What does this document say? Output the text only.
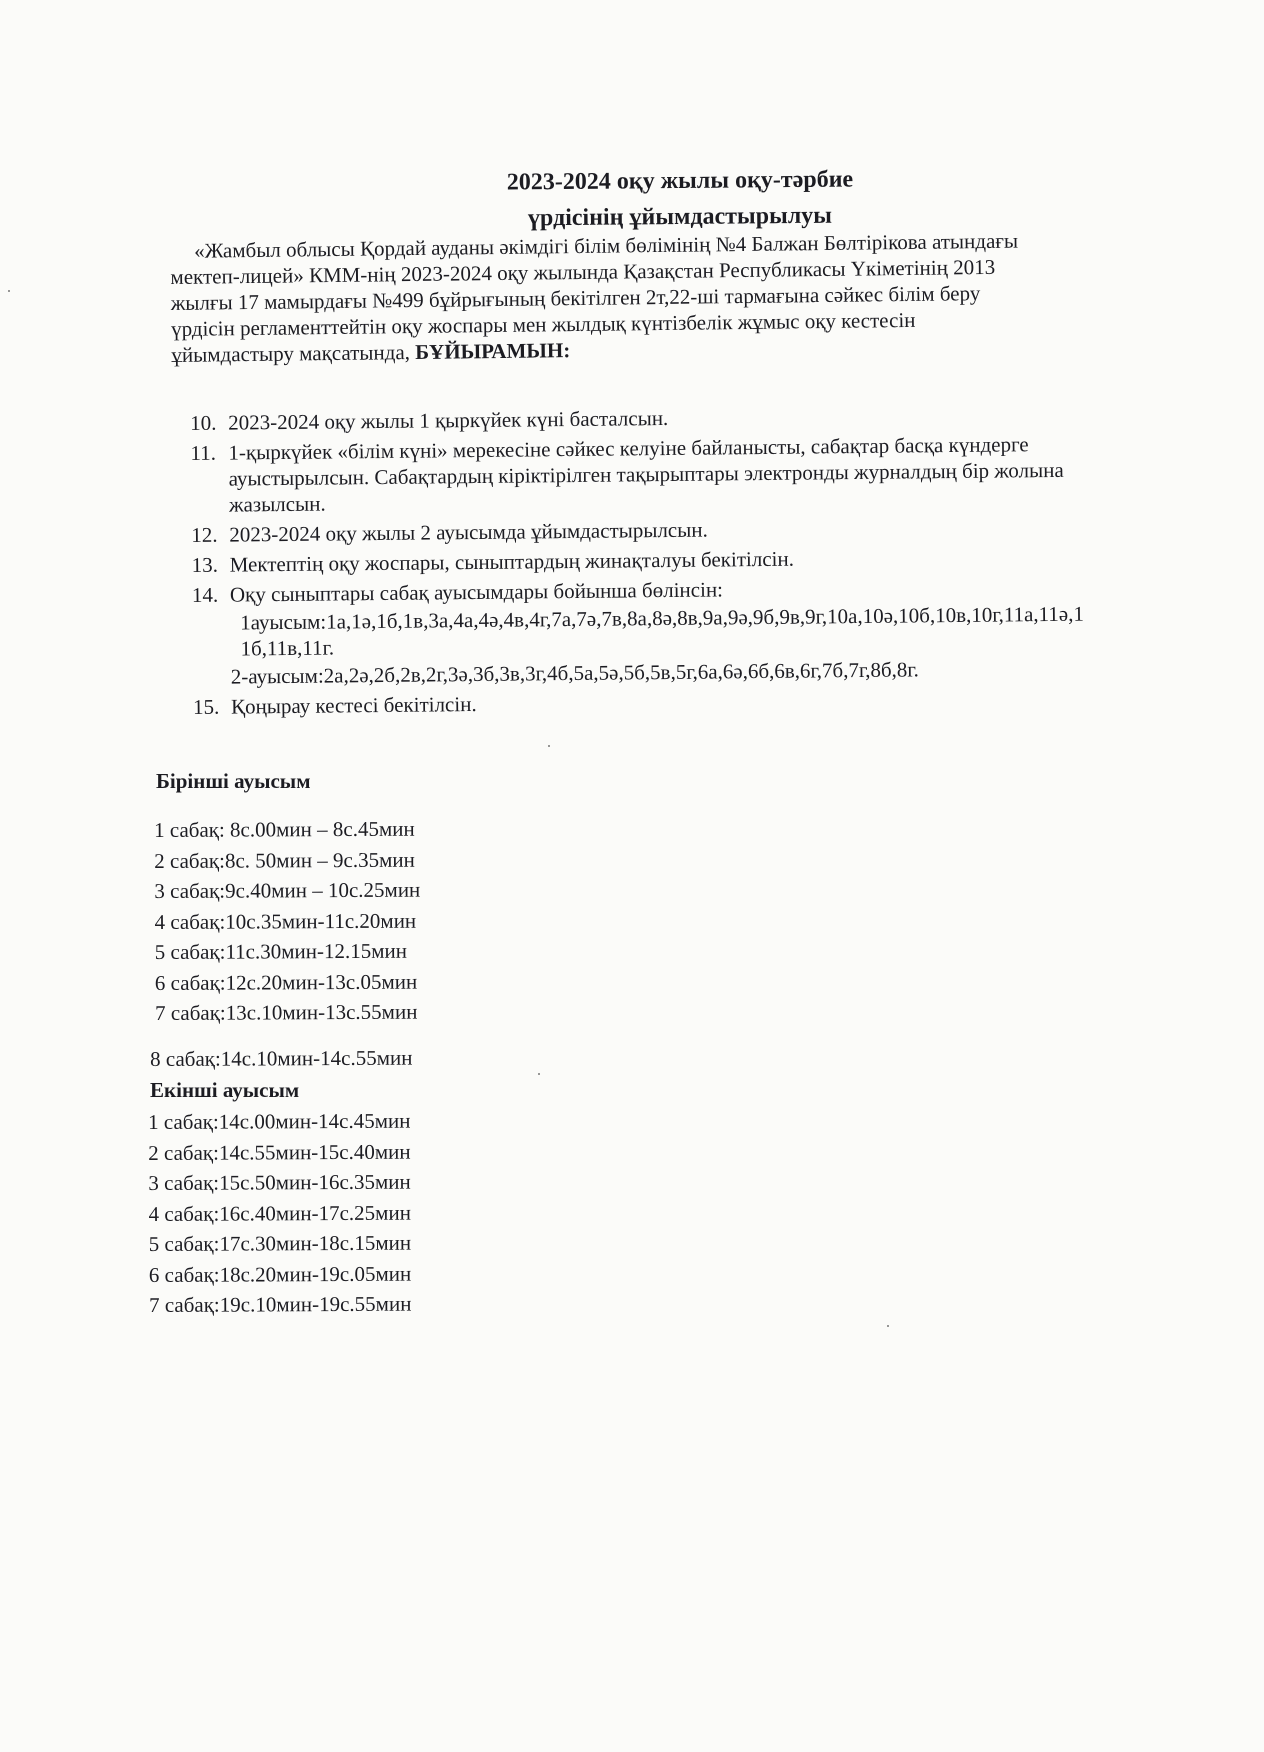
2023-2024 оқу жылы оқу-тәрбие
үрдісінің ұйымдастырылуы

«Жамбыл облысы Қордай ауданы әкімдігі білім бөлімінің №4 Балжан Бөлтірікова атындағы

мектеп-лицей» КММ-нің 2023-2024 оқу жылында Қазақстан Республикасы Үкіметінің 2013

жылғы 17 мамырдағы №499 бұйрығының бекітілген 2т,22-ші тармағына сәйкес білім беру

үрдісін регламенттейтін оқу жоспары мен жылдық күнтізбелік жұмыс оқу кестесін

ұйымдастыру мақсатында, БҰЙЫРАМЫН:

10. 2023-2024 оқу жылы 1 қыркүйек күні басталсын.
11. 1-қыркүйек «білім күні» мерекесіне сәйкес келуіне байланысты, сабақтар басқа күндерге ауыстырылсын. Сабақтардың кіріктірілген тақырыптары электронды журналдың бір жолына жазылсын.
12. 2023-2024 оқу жылы 2 ауысымда ұйымдастырылсын.
13. Мектептің оқу жоспары, сыныптардың жинақталуы бекітілсін.
14. Оқу сыныптары сабақ ауысымдары бойынша бөлінсін:
1ауысым:1а,1ә,1б,1в,3а,4а,4ә,4в,4г,7а,7ә,7в,8а,8ә,8в,9а,9ә,9б,9в,9г,10а,10ә,10б,10в,10г,11а,11ә,11б,11в,11г.
2-ауысым:2а,2ә,2б,2в,2г,3ә,3б,3в,3г,4б,5а,5ә,5б,5в,5г,6а,6ә,6б,6в,6г,7б,7г,8б,8г.
15. Қоңырау кестесі бекітілсін.
Бірінші ауысым
1 сабақ: 8с.00мин – 8с.45мин
2 сабақ:8с. 50мин – 9с.35мин
3 сабақ:9с.40мин – 10с.25мин
4 сабақ:10с.35мин-11с.20мин
5 сабақ:11с.30мин-12.15мин
6 сабақ:12с.20мин-13с.05мин
7 сабақ:13с.10мин-13с.55мин
8 сабақ:14с.10мин-14с.55мин
Екінші ауысым
1 сабақ:14с.00мин-14с.45мин
2 сабақ:14с.55мин-15с.40мин
3 сабақ:15с.50мин-16с.35мин
4 сабақ:16с.40мин-17с.25мин
5 сабақ:17с.30мин-18с.15мин
6 сабақ:18с.20мин-19с.05мин
7 сабақ:19с.10мин-19с.55мин
